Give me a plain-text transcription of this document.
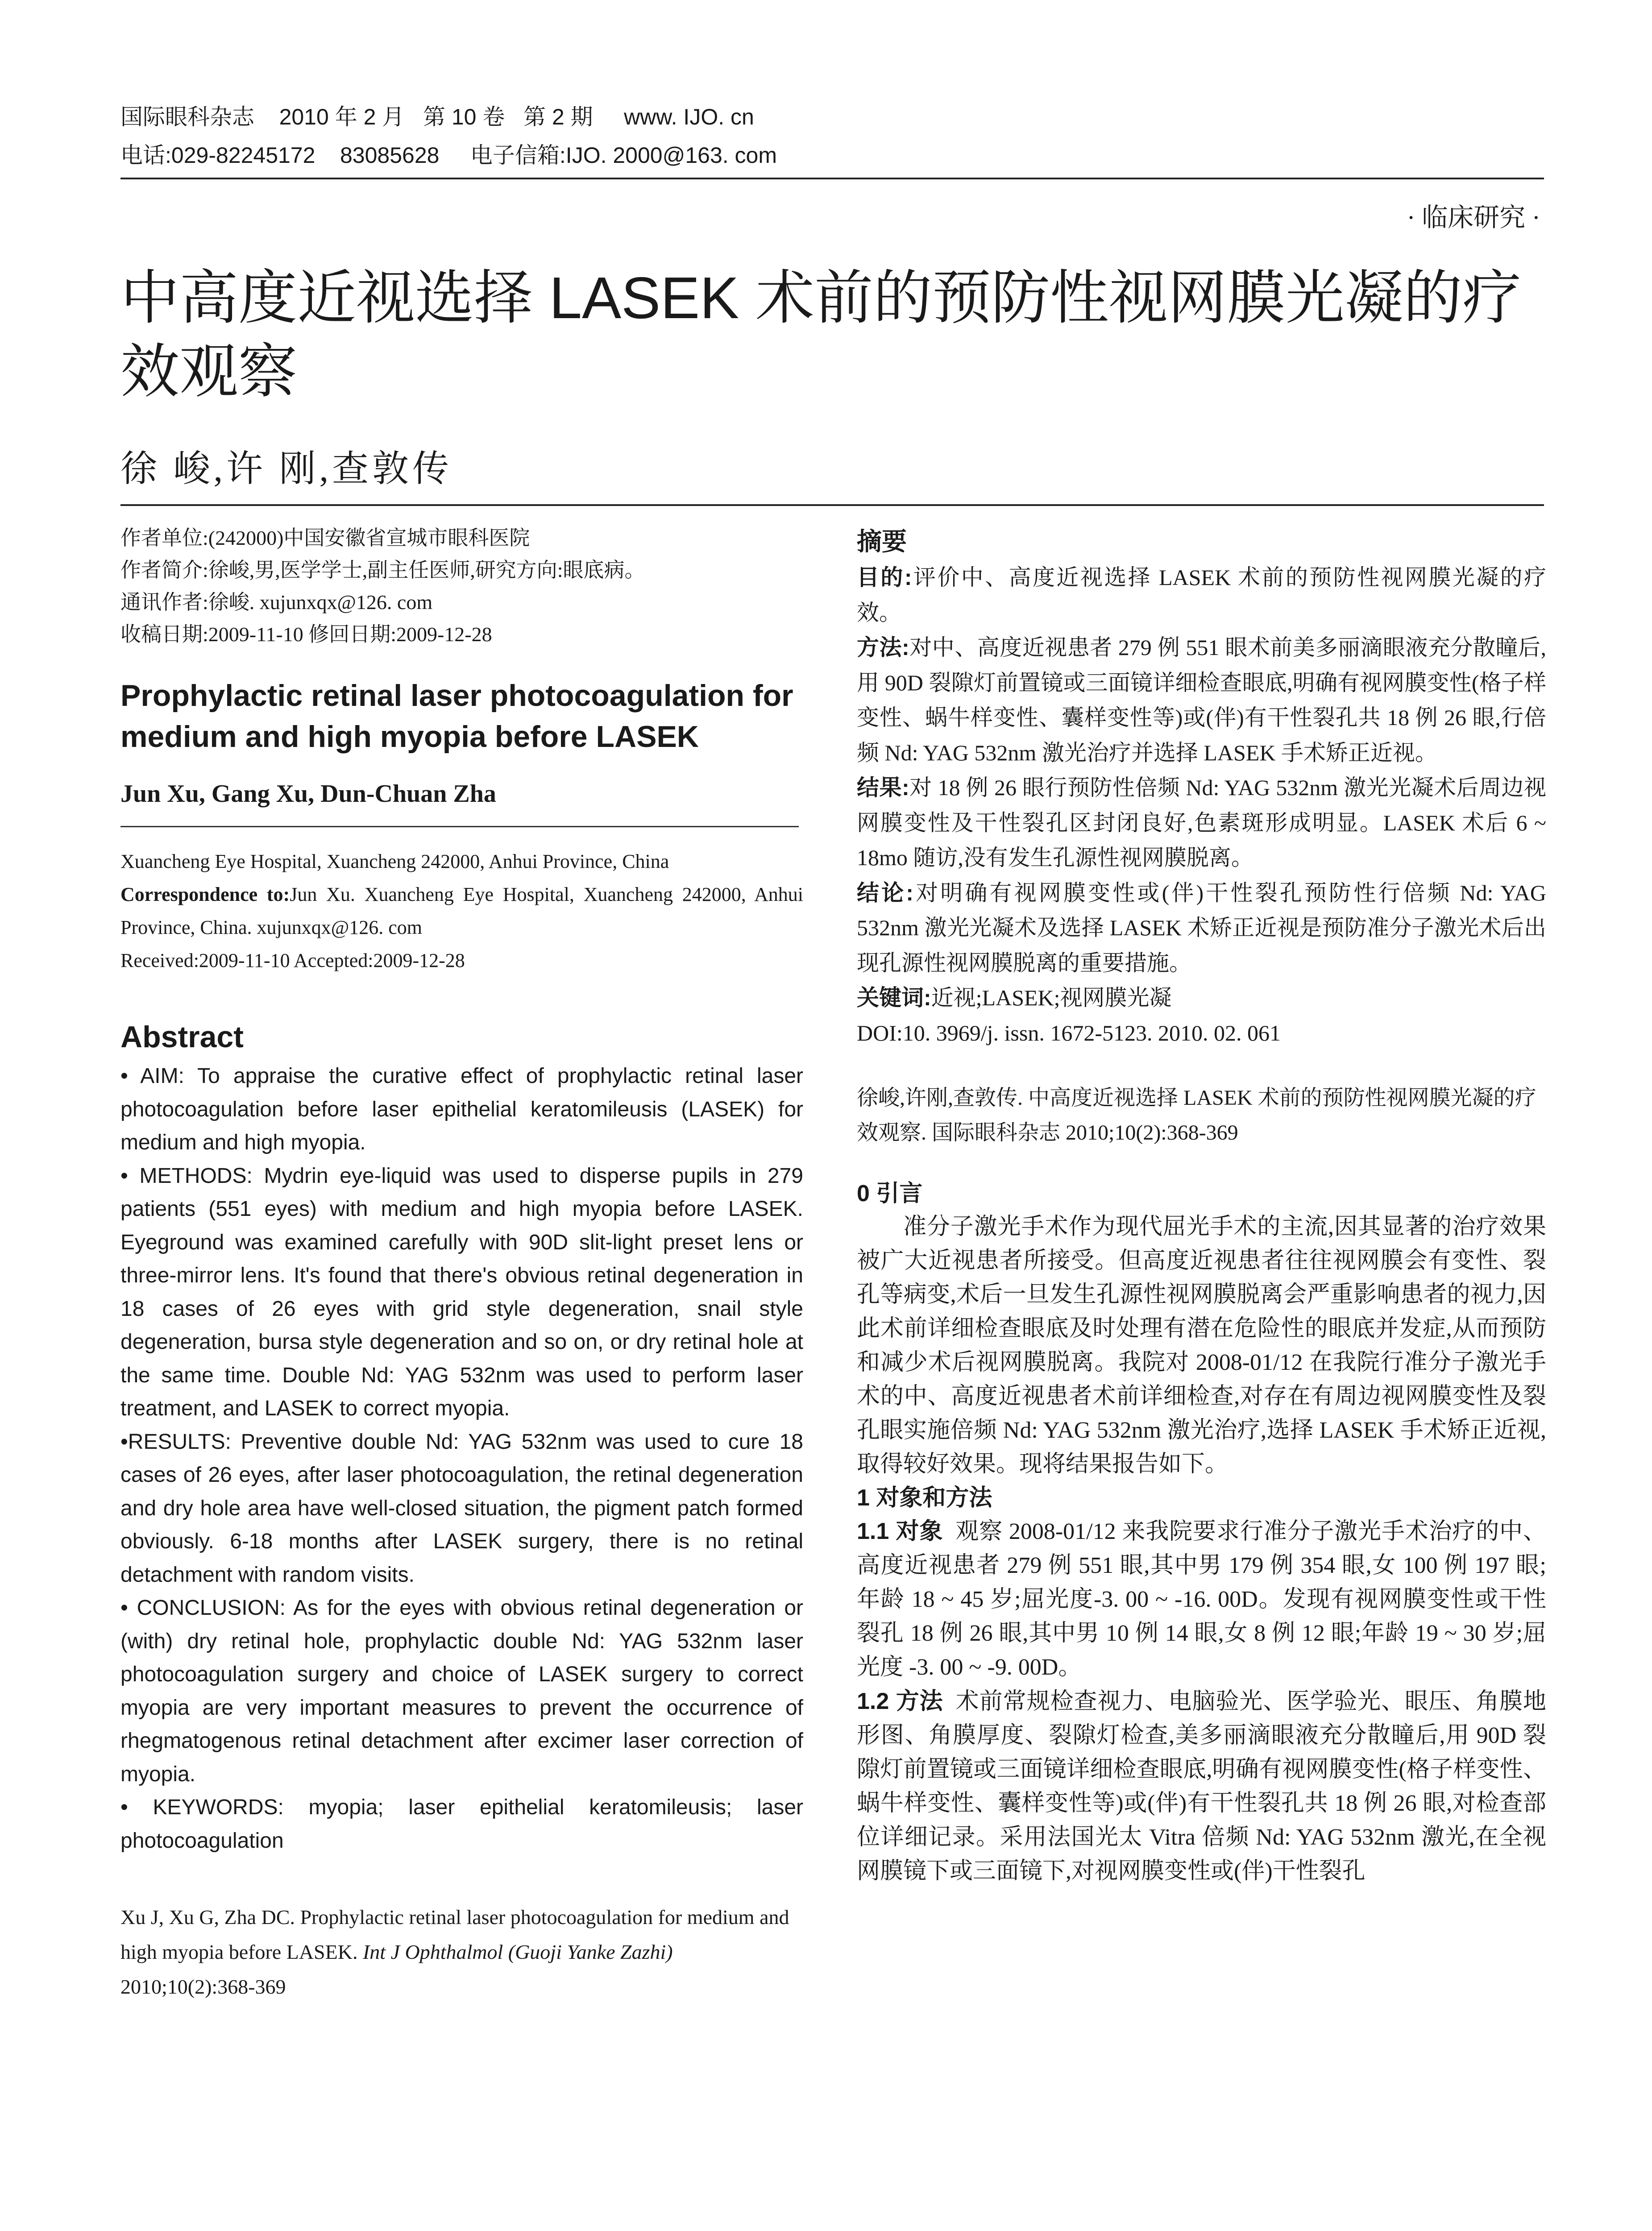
国际眼科杂志    2010 年 2 月   第 10 卷   第 2 期     www. IJO. cn
电话:029-82245172    83085628     电子信箱:IJO. 2000@163. com
· 临床研究 ·
中高度近视选择 LASEK 术前的预防性视网膜光凝的疗效观察
徐 峻,许 刚,查敦传

作者单位:(242000)中国安徽省宣城市眼科医院

作者简介:徐峻,男,医学学士,副主任医师,研究方向:眼底病。

通讯作者:徐峻. xujunxqx@126. com

收稿日期:2009-11-10 修回日期:2009-12-28

Prophylactic retinal laser photocoagulation for medium and high myopia before LASEK
Jun Xu, Gang Xu, Dun-Chuan Zha

Xuancheng Eye Hospital, Xuancheng 242000, Anhui Province, China

Correspondence to:Jun Xu. Xuancheng Eye Hospital, Xuancheng 242000, Anhui Province, China. xujunxqx@126. com

Received:2009-11-10 Accepted:2009-12-28

Abstract

• AIM: To appraise the curative effect of prophylactic retinal laser photocoagulation before laser epithelial keratomileusis (LASEK) for medium and high myopia.

• METHODS: Mydrin eye-liquid was used to disperse pupils in 279 patients (551 eyes) with medium and high myopia before LASEK. Eyeground was examined carefully with 90D slit-light preset lens or three-mirror lens. It's found that there's obvious retinal degeneration in 18 cases of 26 eyes with grid style degeneration, snail style degeneration, bursa style degeneration and so on, or dry retinal hole at the same time. Double Nd: YAG 532nm was used to perform laser treatment, and LASEK to correct myopia.

•RESULTS: Preventive double Nd: YAG 532nm was used to cure 18 cases of 26 eyes, after laser photocoagulation, the retinal degeneration and dry hole area have well-closed situation, the pigment patch formed obviously. 6-18 months after LASEK surgery, there is no retinal detachment with random visits.

• CONCLUSION: As for the eyes with obvious retinal degeneration or (with) dry retinal hole, prophylactic double Nd: YAG 532nm laser photocoagulation surgery and choice of LASEK surgery to correct myopia are very important measures to prevent the occurrence of rhegmatogenous retinal detachment after excimer laser correction of myopia.

• KEYWORDS: myopia; laser epithelial keratomileusis; laser photocoagulation

Xu J, Xu G, Zha DC. Prophylactic retinal laser photocoagulation for medium and high myopia before LASEK. Int J Ophthalmol (Guoji Yanke Zazhi) 2010;10(2):368-369
摘要

目的:评价中、高度近视选择 LASEK 术前的预防性视网膜光凝的疗效。

方法:对中、高度近视患者 279 例 551 眼术前美多丽滴眼液充分散瞳后,用 90D 裂隙灯前置镜或三面镜详细检查眼底,明确有视网膜变性(格子样变性、蜗牛样变性、囊样变性等)或(伴)有干性裂孔共 18 例 26 眼,行倍频 Nd: YAG 532nm 激光治疗并选择 LASEK 手术矫正近视。

结果:对 18 例 26 眼行预防性倍频 Nd: YAG 532nm 激光光凝术后周边视网膜变性及干性裂孔区封闭良好,色素斑形成明显。LASEK 术后 6 ~ 18mo 随访,没有发生孔源性视网膜脱离。

结论:对明确有视网膜变性或(伴)干性裂孔预防性行倍频 Nd: YAG 532nm 激光光凝术及选择 LASEK 术矫正近视是预防准分子激光术后出现孔源性视网膜脱离的重要措施。

关键词:近视;LASEK;视网膜光凝

DOI:10. 3969/j. issn. 1672-5123. 2010. 02. 061

徐峻,许刚,查敦传. 中高度近视选择 LASEK 术前的预防性视网膜光凝的疗效观察. 国际眼科杂志 2010;10(2):368-369

0 引言

准分子激光手术作为现代屈光手术的主流,因其显著的治疗效果被广大近视患者所接受。但高度近视患者往往视网膜会有变性、裂孔等病变,术后一旦发生孔源性视网膜脱离会严重影响患者的视力,因此术前详细检查眼底及时处理有潜在危险性的眼底并发症,从而预防和减少术后视网膜脱离。我院对 2008-01/12 在我院行准分子激光手术的中、高度近视患者术前详细检查,对存在有周边视网膜变性及裂孔眼实施倍频 Nd: YAG 532nm 激光治疗,选择 LASEK 手术矫正近视,取得较好效果。现将结果报告如下。

1 对象和方法

1.1 对象 观察 2008-01/12 来我院要求行准分子激光手术治疗的中、高度近视患者 279 例 551 眼,其中男 179 例 354 眼,女 100 例 197 眼;年龄 18 ~ 45 岁;屈光度-3. 00 ~ -16. 00D。发现有视网膜变性或干性裂孔 18 例 26 眼,其中男 10 例 14 眼,女 8 例 12 眼;年龄 19 ~ 30 岁;屈光度 -3. 00 ~ -9. 00D。

1.2 方法 术前常规检查视力、电脑验光、医学验光、眼压、角膜地形图、角膜厚度、裂隙灯检查,美多丽滴眼液充分散瞳后,用 90D 裂隙灯前置镜或三面镜详细检查眼底,明确有视网膜变性(格子样变性、蜗牛样变性、囊样变性等)或(伴)有干性裂孔共 18 例 26 眼,对检查部位详细记录。采用法国光太 Vitra 倍频 Nd: YAG 532nm 激光,在全视网膜镜下或三面镜下,对视网膜变性或(伴)干性裂孔
